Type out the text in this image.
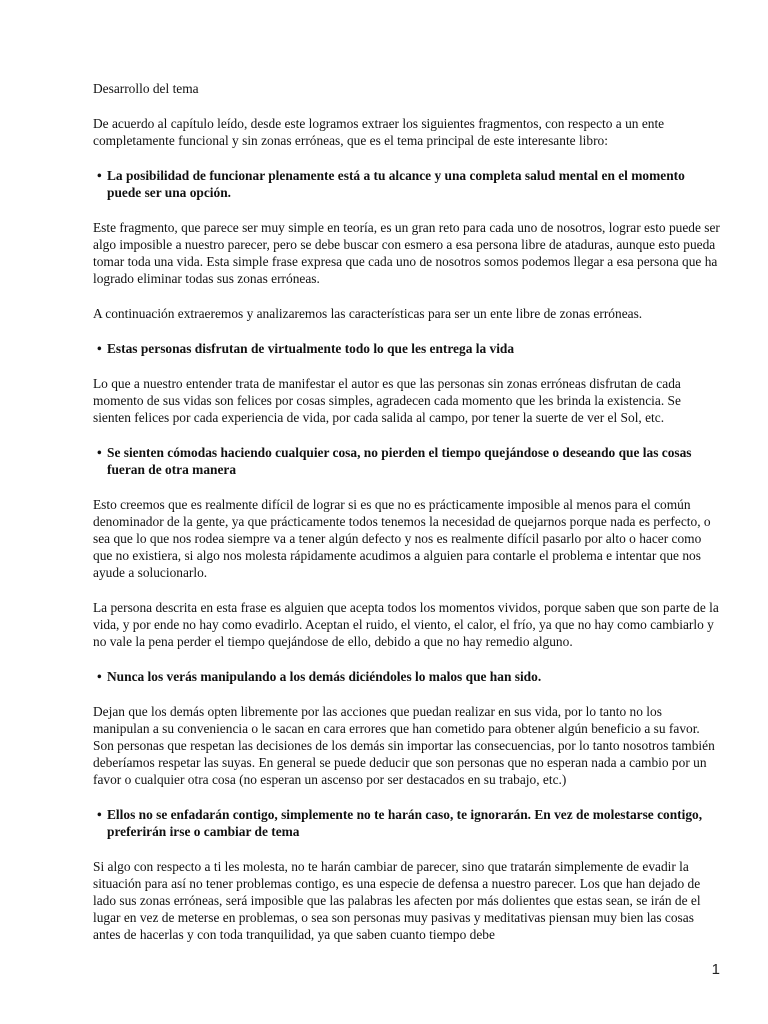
Desarrollo del tema

De acuerdo al capítulo leído, desde este logramos extraer los siguientes fragmentos, con respecto a un ente completamente funcional y sin zonas erróneas, que es el tema principal de este interesante libro:

• La posibilidad de funcionar plenamente está a tu alcance y una completa salud mental en el momento puede ser una opción.

Este fragmento, que parece ser muy simple en teoría, es un gran reto para cada uno de nosotros, lograr esto puede ser algo imposible a nuestro parecer, pero se debe buscar con esmero a esa persona libre de ataduras, aunque esto pueda tomar toda una vida. Esta simple frase expresa que cada uno de nosotros somos podemos llegar a esa persona que ha logrado eliminar todas sus zonas erróneas.

A continuación extraeremos y analizaremos las características para ser un ente libre de zonas erróneas.

• Estas personas disfrutan de virtualmente todo lo que les entrega la vida

Lo que a nuestro entender trata de manifestar el autor es que las personas sin zonas erróneas disfrutan de cada momento de sus vidas son felices por cosas simples, agradecen cada momento que les brinda la existencia. Se sienten felices por cada experiencia de vida, por cada salida al campo, por tener la suerte de ver el Sol, etc.

• Se sienten cómodas haciendo cualquier cosa, no pierden el tiempo quejándose o deseando que las cosas fueran de otra manera

Esto creemos que es realmente difícil de lograr si es que no es prácticamente imposible al menos para el común denominador de la gente, ya que prácticamente todos tenemos la necesidad de quejarnos porque nada es perfecto, o sea que lo que nos rodea siempre va a tener algún defecto y nos es realmente difícil pasarlo por alto o hacer como que no existiera, si algo nos molesta rápidamente acudimos a alguien para contarle el problema e intentar que nos ayude a solucionarlo.

La persona descrita en esta frase es alguien que acepta todos los momentos vividos, porque saben que son parte de la vida, y por ende no hay como evadirlo. Aceptan el ruido, el viento, el calor, el frío, ya que no hay como cambiarlo y no vale la pena perder el tiempo quejándose de ello, debido a que no hay remedio alguno.

• Nunca los verás manipulando a los demás diciéndoles lo malos que han sido.

Dejan que los demás opten libremente por las acciones que puedan realizar en sus vida, por lo tanto no los manipulan a su conveniencia o le sacan en cara errores que han cometido para obtener algún beneficio a su favor. Son personas que respetan las decisiones de los demás sin importar las consecuencias, por lo tanto nosotros también deberíamos respetar las suyas. En general se puede deducir que son personas que no esperan nada a cambio por un favor o cualquier otra cosa (no esperan un ascenso por ser destacados en su trabajo, etc.)

• Ellos no se enfadarán contigo, simplemente no te harán caso, te ignorarán. En vez de molestarse contigo, preferirán irse o cambiar de tema

Si algo con respecto a ti les molesta, no te harán cambiar de parecer, sino que tratarán simplemente de evadir la situación para así no tener problemas contigo, es una especie de defensa a nuestro parecer. Los que han dejado de lado sus zonas erróneas, será imposible que las palabras les afecten por más dolientes que estas sean, se irán de el lugar en vez de meterse en problemas, o sea son personas muy pasivas y meditativas piensan muy bien las cosas antes de hacerlas y con toda tranquilidad, ya que saben cuanto tiempo debe

1
